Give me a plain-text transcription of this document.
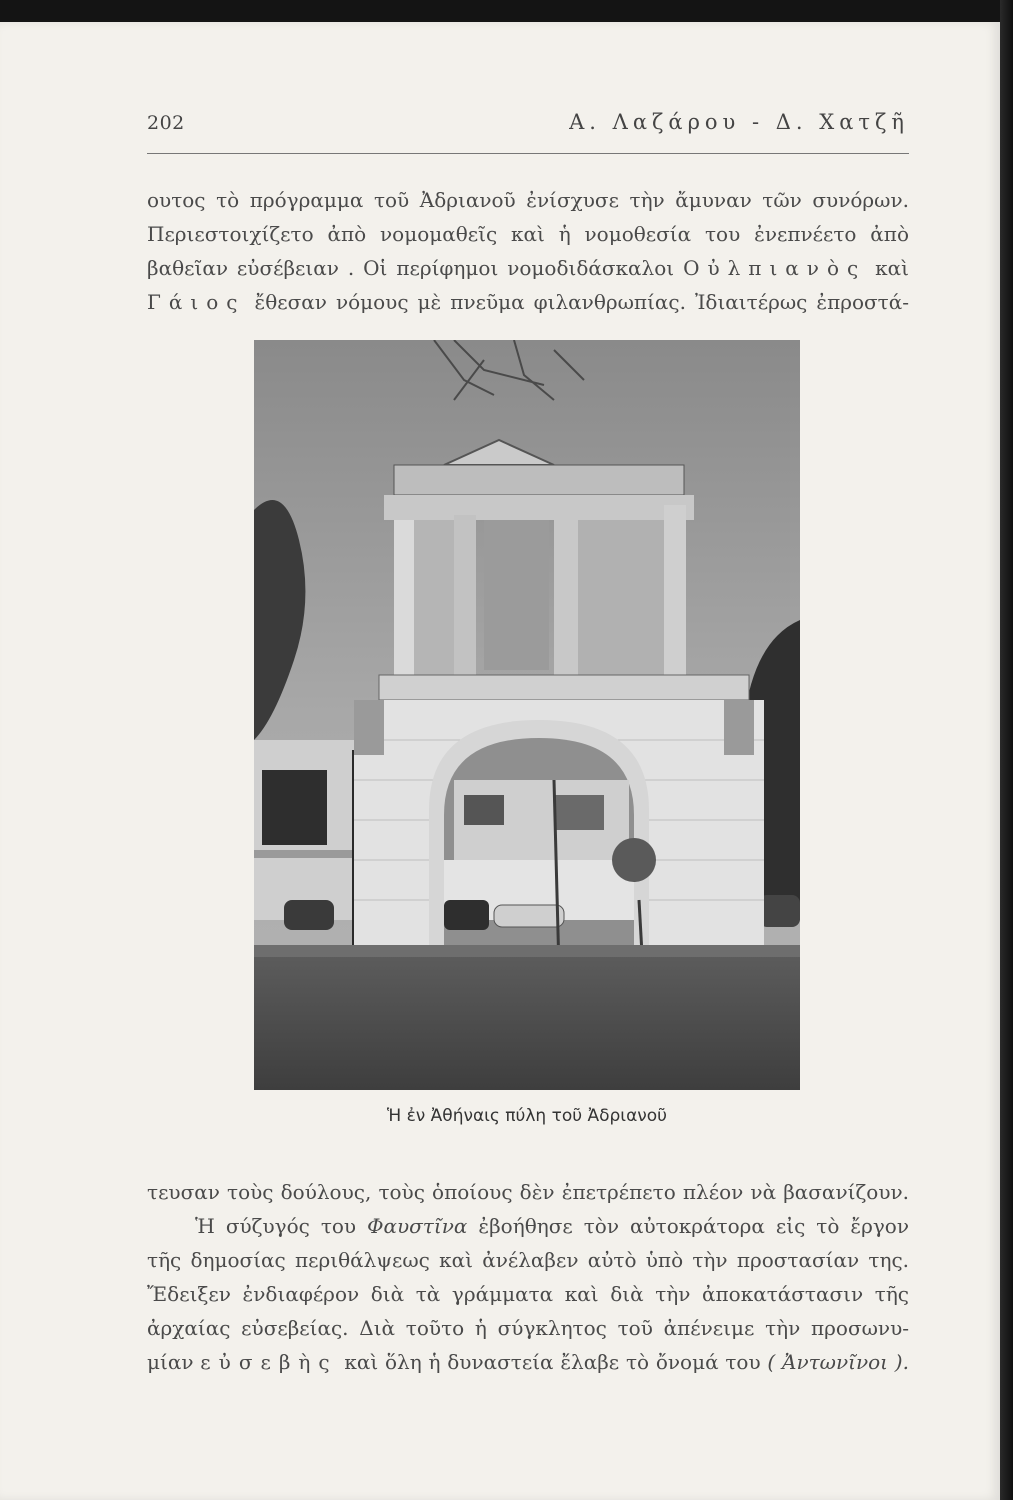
202	Α. Λαζάρου - Δ. Χατζῆ

ουτος τὸ πρόγραμμα τοῦ Ἀδριανοῦ ἐνίσχυσε τὴν ἄμυναν τῶν συνόρων.

Περιεστοιχίζετο ἀπὸ νομομαθεῖς καὶ ἡ νομοθεσία του ἐνεπνέετο ἀπὸ

βαθεῖαν εὐσέβειαν . Οἱ περίφημοι νομοδιδάσκαλοι Οὐλπιανὸς καὶ

Γάιος ἔθεσαν νόμους μὲ πνεῦμα φιλανθρωπίας. Ἰδιαιτέρως ἐπροστά-

Ἡ ἐν Ἀθήναις πύλη τοῦ Ἀδριανοῦ

τευσαν τοὺς δούλους, τοὺς ὁποίους δὲν ἐπετρέπετο πλέον νὰ βασανίζουν.

Ἡ σύζυγός του Φαυστῖνα ἐβοήθησε τὸν αὐτοκράτορα εἰς τὸ ἔργον

τῆς δημοσίας περιθάλψεως καὶ ἀνέλαβεν αὐτὸ ὑπὸ τὴν προστασίαν της.

Ἔδειξεν ἐνδιαφέρον διὰ τὰ γράμματα καὶ διὰ τὴν ἀποκατάστασιν τῆς

ἀρχαίας εὐσεβείας. Διὰ τοῦτο ἡ σύγκλητος τοῦ ἀπένειμε τὴν προσωνυ-

μίαν εὐσεβὴς καὶ ὅλη ἡ δυναστεία ἔλαβε τὸ ὄνομά του ( Ἀντωνῖνοι ).
